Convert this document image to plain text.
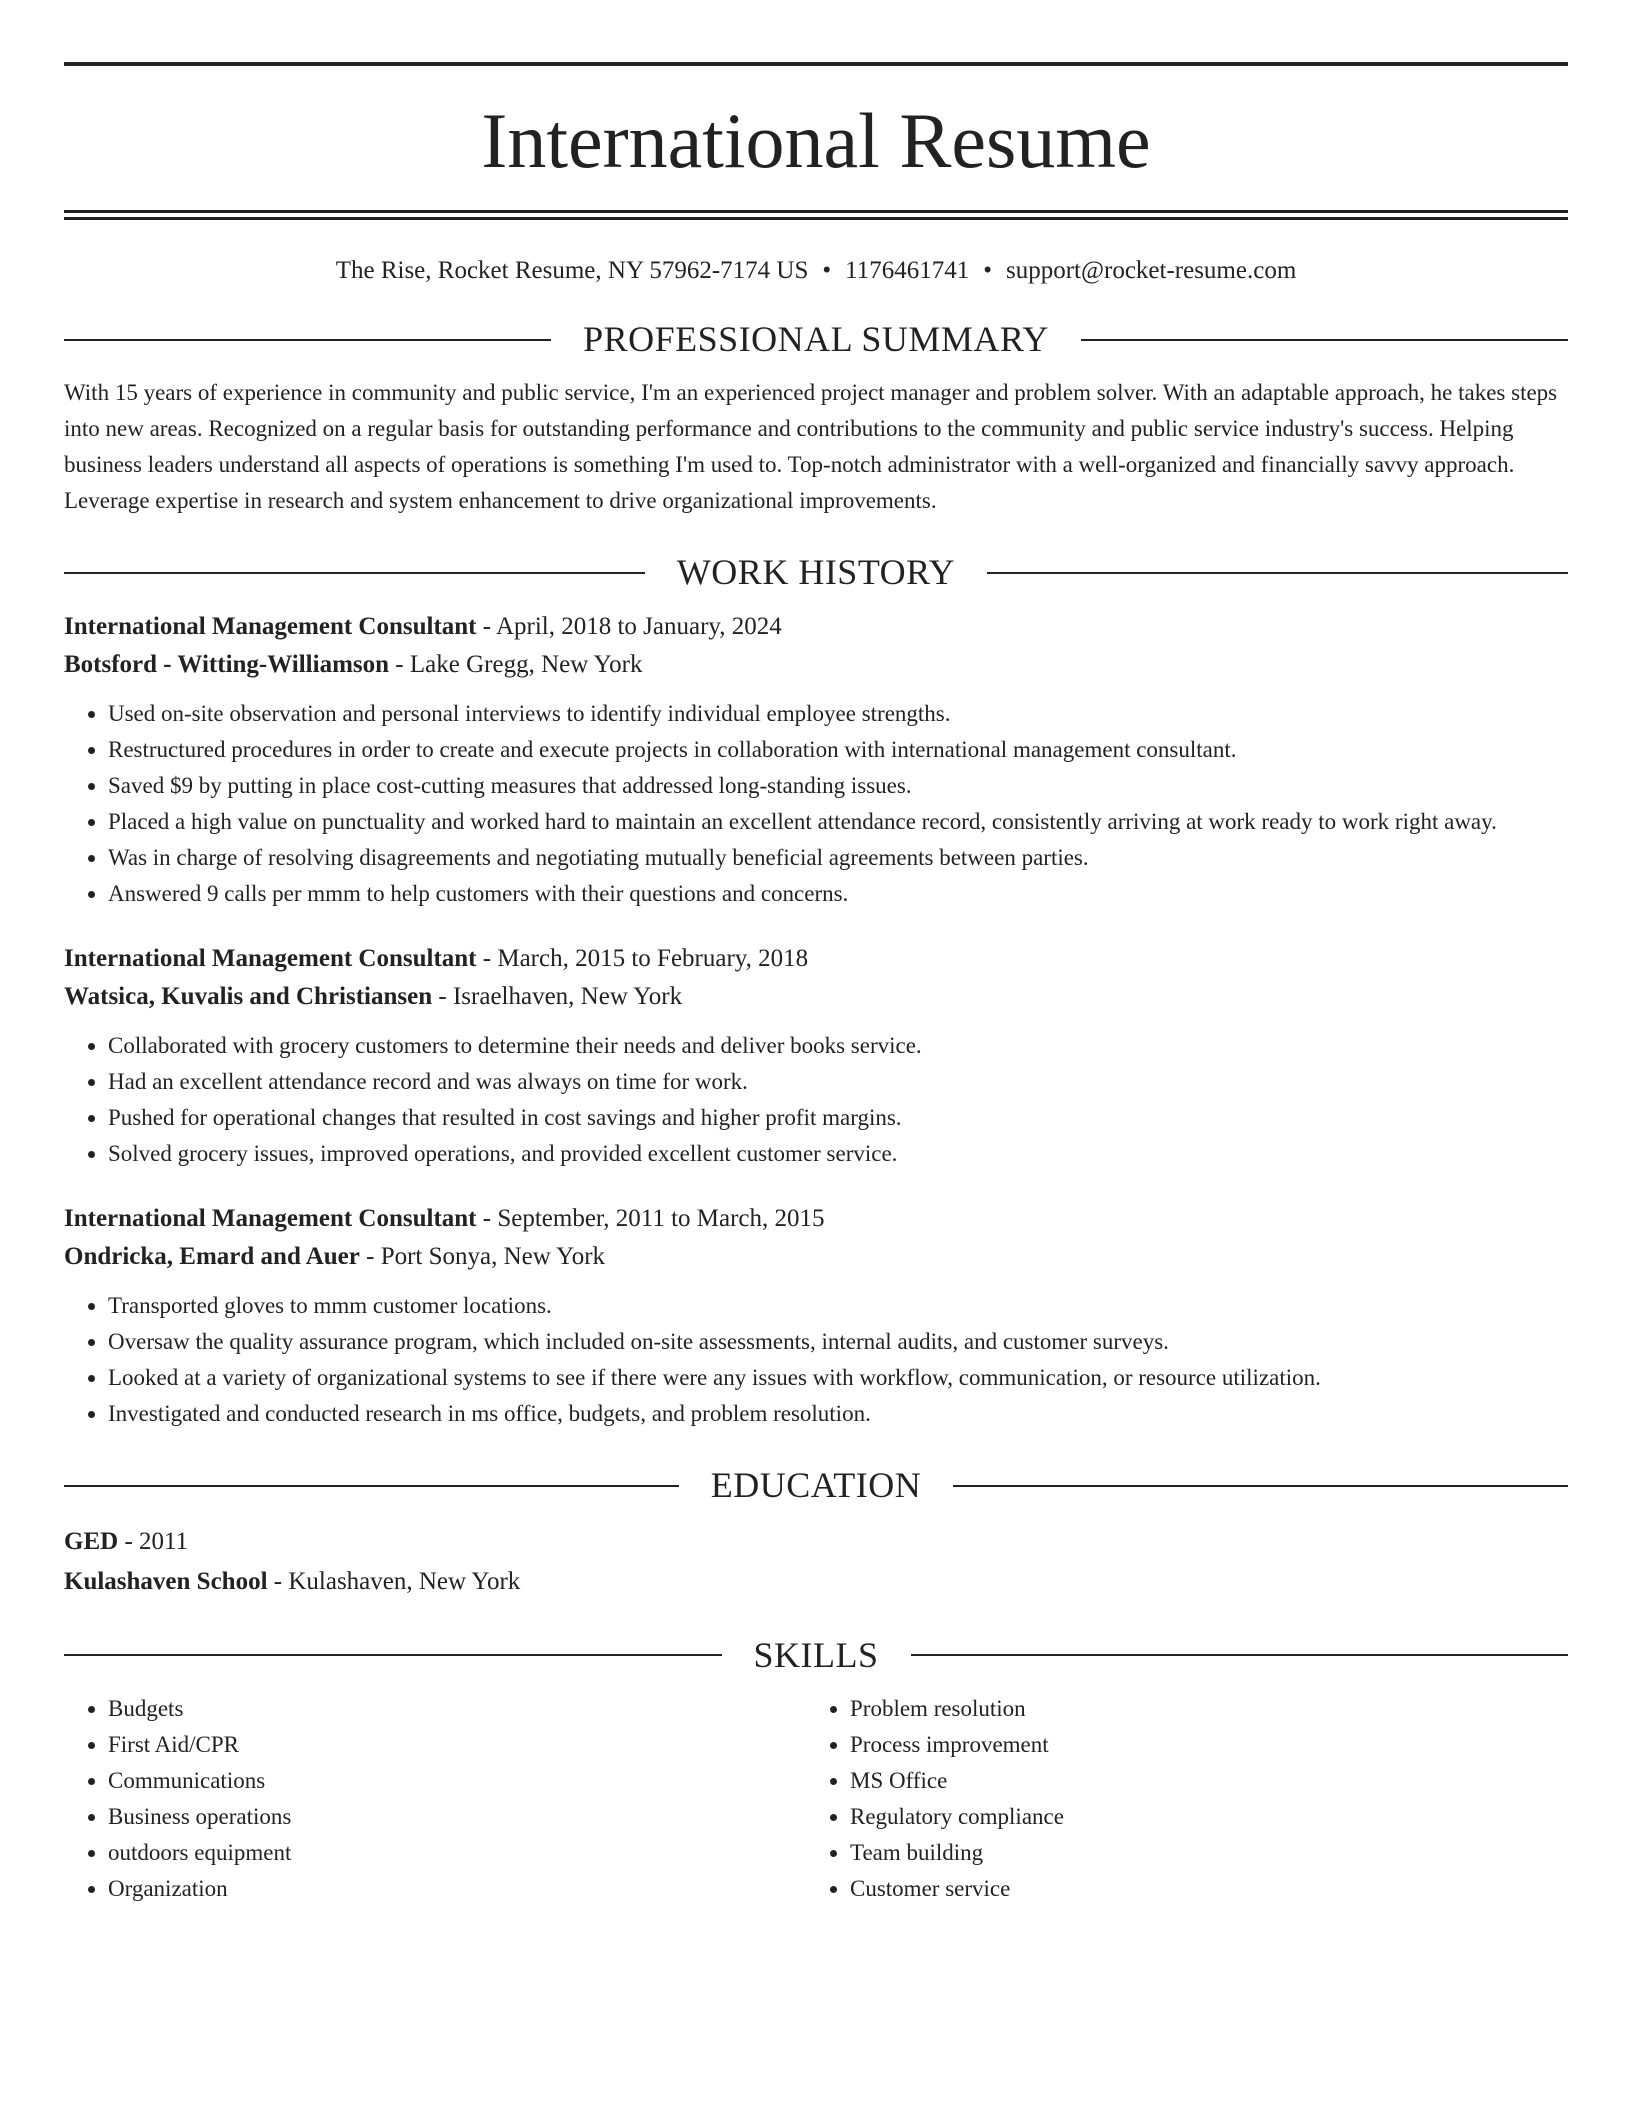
International Resume
The Rise, Rocket Resume, NY 57962-7174 US • 1176461741 • support@rocket-resume.com
PROFESSIONAL SUMMARY

With 15 years of experience in community and public service, I'm an experienced project manager and problem solver. With an adaptable approach, he takes steps into new areas. Recognized on a regular basis for outstanding performance and contributions to the community and public service industry's success. Helping business leaders understand all aspects of operations is something I'm used to. Top-notch administrator with a well-organized and financially savvy approach. Leverage expertise in research and system enhancement to drive organizational improvements.

WORK HISTORY
International Management Consultant - April, 2018 to January, 2024
Botsford - Witting-Williamson - Lake Gregg, New York
• Used on-site observation and personal interviews to identify individual employee strengths.
• Restructured procedures in order to create and execute projects in collaboration with international management consultant.
• Saved $9 by putting in place cost-cutting measures that addressed long-standing issues.
• Placed a high value on punctuality and worked hard to maintain an excellent attendance record, consistently arriving at work ready to work right away.
• Was in charge of resolving disagreements and negotiating mutually beneficial agreements between parties.
• Answered 9 calls per mmm to help customers with their questions and concerns.
International Management Consultant - March, 2015 to February, 2018
Watsica, Kuvalis and Christiansen - Israelhaven, New York
• Collaborated with grocery customers to determine their needs and deliver books service.
• Had an excellent attendance record and was always on time for work.
• Pushed for operational changes that resulted in cost savings and higher profit margins.
• Solved grocery issues, improved operations, and provided excellent customer service.
International Management Consultant - September, 2011 to March, 2015
Ondricka, Emard and Auer - Port Sonya, New York
• Transported gloves to mmm customer locations.
• Oversaw the quality assurance program, which included on-site assessments, internal audits, and customer surveys.
• Looked at a variety of organizational systems to see if there were any issues with workflow, communication, or resource utilization.
• Investigated and conducted research in ms office, budgets, and problem resolution.
EDUCATION
GED - 2011
Kulashaven School - Kulashaven, New York
SKILLS
• Budgets
• First Aid/CPR
• Communications
• Business operations
• outdoors equipment
• Organization
• Problem resolution
• Process improvement
• MS Office
• Regulatory compliance
• Team building
• Customer service
